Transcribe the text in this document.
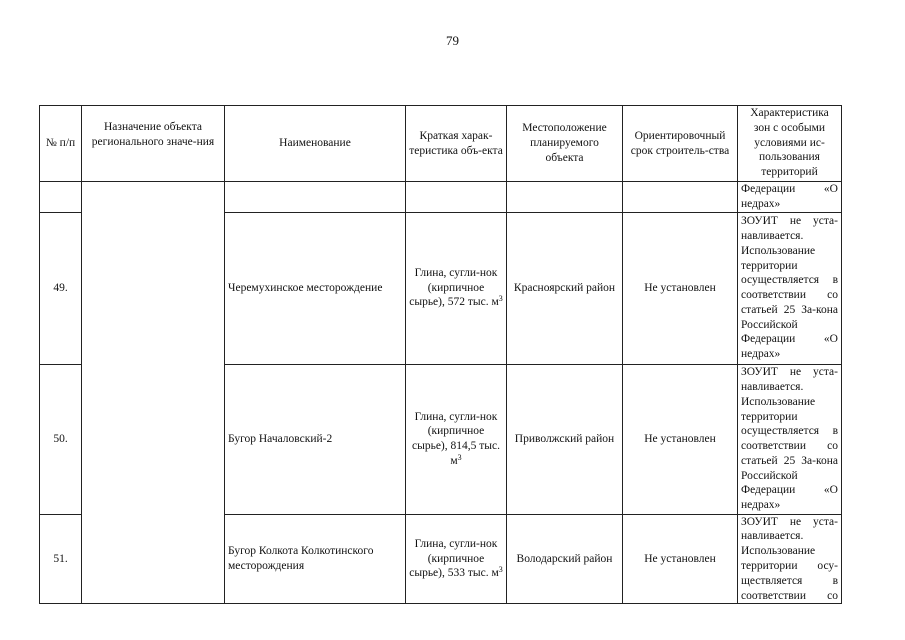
79
№ п/п	Назначение объекта регионального значе-ния	Наименование	Краткая харак-теристика объ-екта	Местоположение планируемого объекта	Ориентировочный срок строитель-ства	Характеристика зон с особыми условиями ис-пользования территорий
						Федерации «О недрах»
49.		Черемухинское месторождение	Глина, сугли-нок (кирпичное сырье), 572 тыс. $м^3$	Красноярский район	Не установлен	ЗОУИТ не уста-навливается. Использование территории осуществляется в соответствии со статьей 25 За-кона Российской Федерации «О недрах»
50.		Бугор Началовский-2	Глина, сугли-нок (кирпичное сырье), 814,5 тыс. $м^3$	Приволжский район	Не установлен	ЗОУИТ не уста-навливается. Использование территории осуществляется в соответствии со статьей 25 За-кона Российской Федерации «О недрах»
51.		Бугор Колкота Колкотинского месторождения	Глина, сугли-нок (кирпичное сырье), 533 тыс. $м^3$	Володарский район	Не установлен	ЗОУИТ не уста-навливается. Использование территории осу-ществляется в соответствии со
